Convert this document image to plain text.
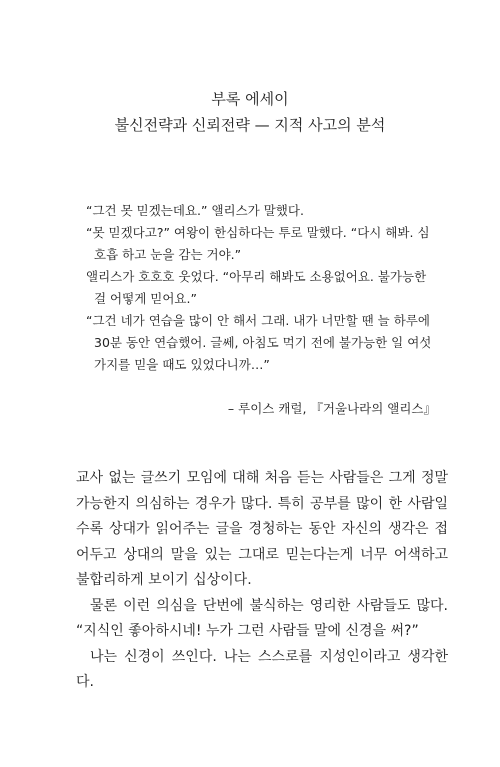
부록 에세이
불신전략과 신뢰전략 — 지적 사고의 분석

“그건 못 믿겠는데요.” 앨리스가 말했다.

“못 믿겠다고?” 여왕이 한심하다는 투로 말했다. “다시 해봐. 심호흡 하고 눈을 감는 거야.”

앨리스가 호호호 웃었다. “아무리 해봐도 소용없어요. 불가능한 걸 어떻게 믿어요.”

“그건 네가 연습을 많이 안 해서 그래. 내가 너만할 땐 늘 하루에 30분 동안 연습했어. 글쎄, 아침도 먹기 전에 불가능한 일 여섯 가지를 믿을 때도 있었다니까…”

– 루이스 캐럴, 『거울나라의 앨리스』

교사 없는 글쓰기 모임에 대해 처음 듣는 사람들은 그게 정말 가능한지 의심하는 경우가 많다. 특히 공부를 많이 한 사람일수록 상대가 읽어주는 글을 경청하는 동안 자신의 생각은 접어두고 상대의 말을 있는 그대로 믿는다는게 너무 어색하고 불합리하게 보이기 십상이다.

물론 이런 의심을 단번에 불식하는 영리한 사람들도 많다. “지식인 좋아하시네! 누가 그런 사람들 말에 신경을 써?”

나는 신경이 쓰인다. 나는 스스로를 지성인이라고 생각한다.
